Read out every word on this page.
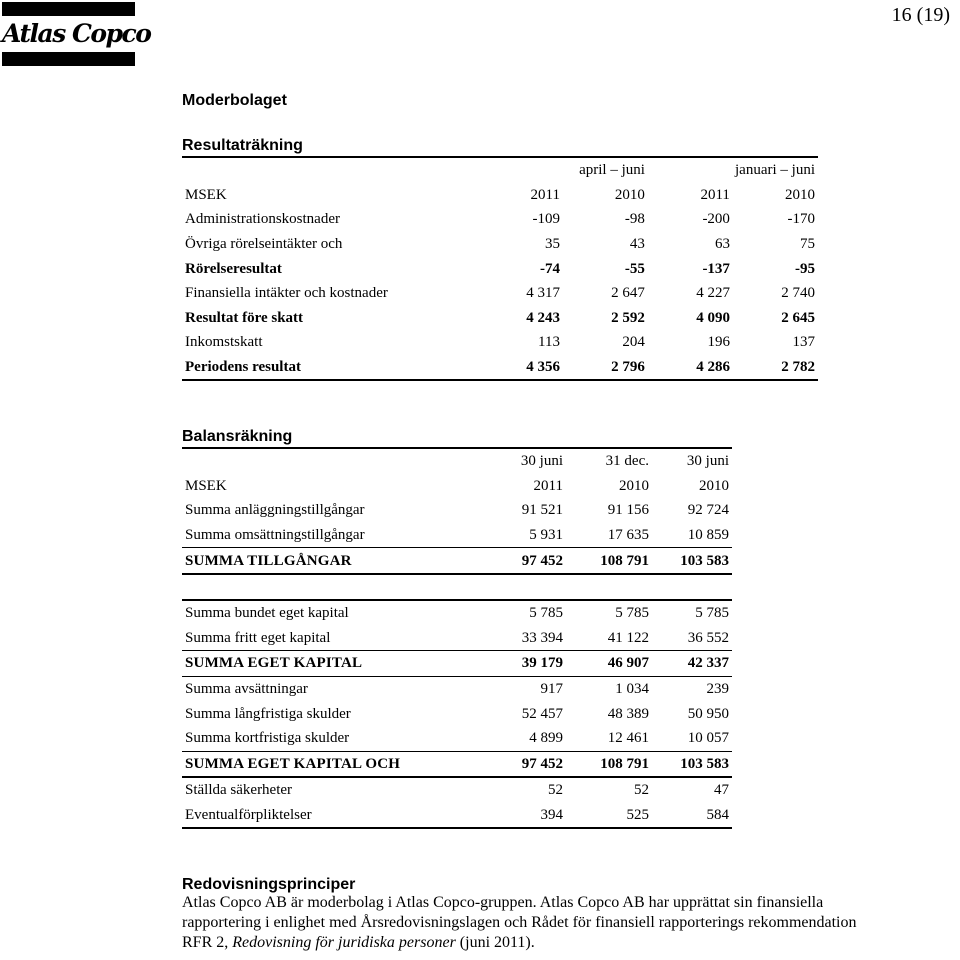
Atlas Copco
16 (19)
Moderbolaget
Resultaträkning
	april – juni		januari – juni	
MSEK	2011	2010	2011	2010
Administrationskostnader	-109	-98	-200	-170
Övriga rörelseintäkter och	35	43	63	75
Rörelseresultat	-74	-55	-137	-95
Finansiella intäkter och kostnader	4 317	2 647	4 227	2 740
Resultat före skatt	4 243	2 592	4 090	2 645
Inkomstskatt	113	204	196	137
Periodens resultat	4 356	2 796	4 286	2 782
Balansräkning
	30 juni	31 dec.	30 juni
MSEK	2011	2010	2010
Summa anläggningstillgångar	91 521	91 156	92 724
Summa omsättningstillgångar	5 931	17 635	10 859
SUMMA TILLGÅNGAR	97 452	108 791	103 583

Summa bundet eget kapital	5 785	5 785	5 785
Summa fritt eget kapital	33 394	41 122	36 552
SUMMA EGET KAPITAL	39 179	46 907	42 337
Summa avsättningar	917	1 034	239
Summa långfristiga skulder	52 457	48 389	50 950
Summa kortfristiga skulder	4 899	12 461	10 057
SUMMA EGET KAPITAL OCH	97 452	108 791	103 583
Ställda säkerheter	52	52	47
Eventualförpliktelser	394	525	584
Redovisningsprinciper
Atlas Copco AB är moderbolag i Atlas Copco-gruppen. Atlas Copco AB har upprättat sin finansiella
rapportering i enlighet med Årsredovisningslagen och Rådet för finansiell rapporterings rekommendation
RFR 2, Redovisning för juridiska personer (juni 2011).
